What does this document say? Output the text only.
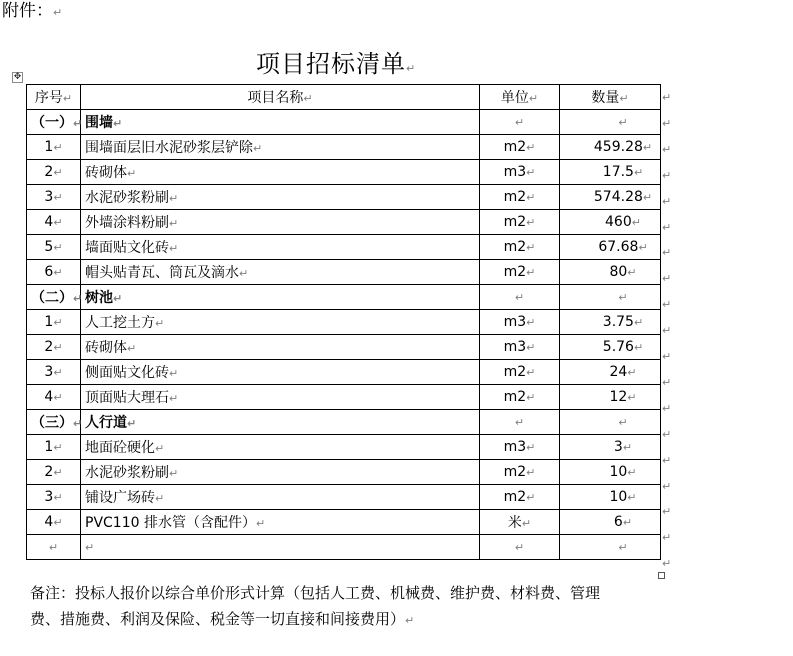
附件：↵
项目招标清单↵
✥
序号↵	项目名称↵	单位↵	数量↵
（一）↵	围墙↵	↵	↵
1↵	围墙面层旧水泥砂浆层铲除↵	m2↵	459.28↵
2↵	砖砌体↵	m3↵	17.5↵
3↵	水泥砂浆粉刷↵	m2↵	574.28↵
4↵	外墙涂料粉刷↵	m2↵	460↵
5↵	墙面贴文化砖↵	m2↵	67.68↵
6↵	帽头贴青瓦、筒瓦及滴水↵	m2↵	80↵
（二）↵	树池↵	↵	↵
1↵	人工挖土方↵	m3↵	3.75↵
2↵	砖砌体↵	m3↵	5.76↵
3↵	侧面贴文化砖↵	m2↵	24↵
4↵	顶面贴大理石↵	m2↵	12↵
（三）↵	人行道↵	↵	↵
1↵	地面砼硬化↵	m3↵	3↵
2↵	水泥砂浆粉刷↵	m2↵	10↵
3↵	铺设广场砖↵	m2↵	10↵
4↵	PVC110 排水管（含配件）↵	米↵	6↵
↵	↵	↵	↵
↵
↵
↵
↵
↵
↵
↵
↵
↵
↵
↵
↵
↵
↵
↵
↵
↵
↵
↵
备注：投标人报价以综合单价形式计算（包括人工费、机械费、维护费、材料费、管理
费、措施费、利润及保险、税金等一切直接和间接费用）↵
